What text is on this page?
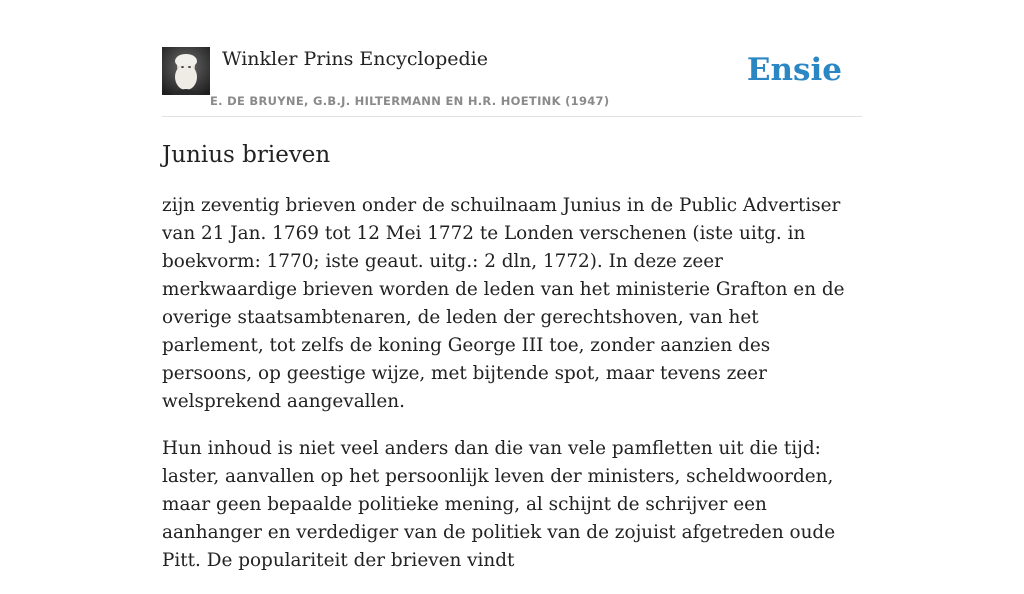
Winkler Prins Encyclopedie
E. DE BRUYNE, G.B.J. HILTERMANN EN H.R. HOETINK (1947)
Ensie
Junius brieven

zijn zeventig brieven onder de schuilnaam Junius in de Public Advertiser van 21 Jan. 1769 tot 12 Mei 1772 te Londen verschenen (iste uitg. in boekvorm: 1770; iste geaut. uitg.: 2 dln, 1772). In deze zeer merkwaardige brieven worden de leden van het ministerie Grafton en de overige staatsambtenaren, de leden der gerechtshoven, van het parlement, tot zelfs de koning George III toe, zonder aanzien des persoons, op geestige wijze, met bijtende spot, maar tevens zeer welsprekend aangevallen.

Hun inhoud is niet veel anders dan die van vele pamfletten uit die tijd: laster, aanvallen op het persoonlijk leven der ministers, scheldwoorden, maar geen bepaalde politieke mening, al schijnt de schrijver een aanhanger en verdediger van de politiek van de zojuist afgetreden oude Pitt. De populariteit der brieven vindt
